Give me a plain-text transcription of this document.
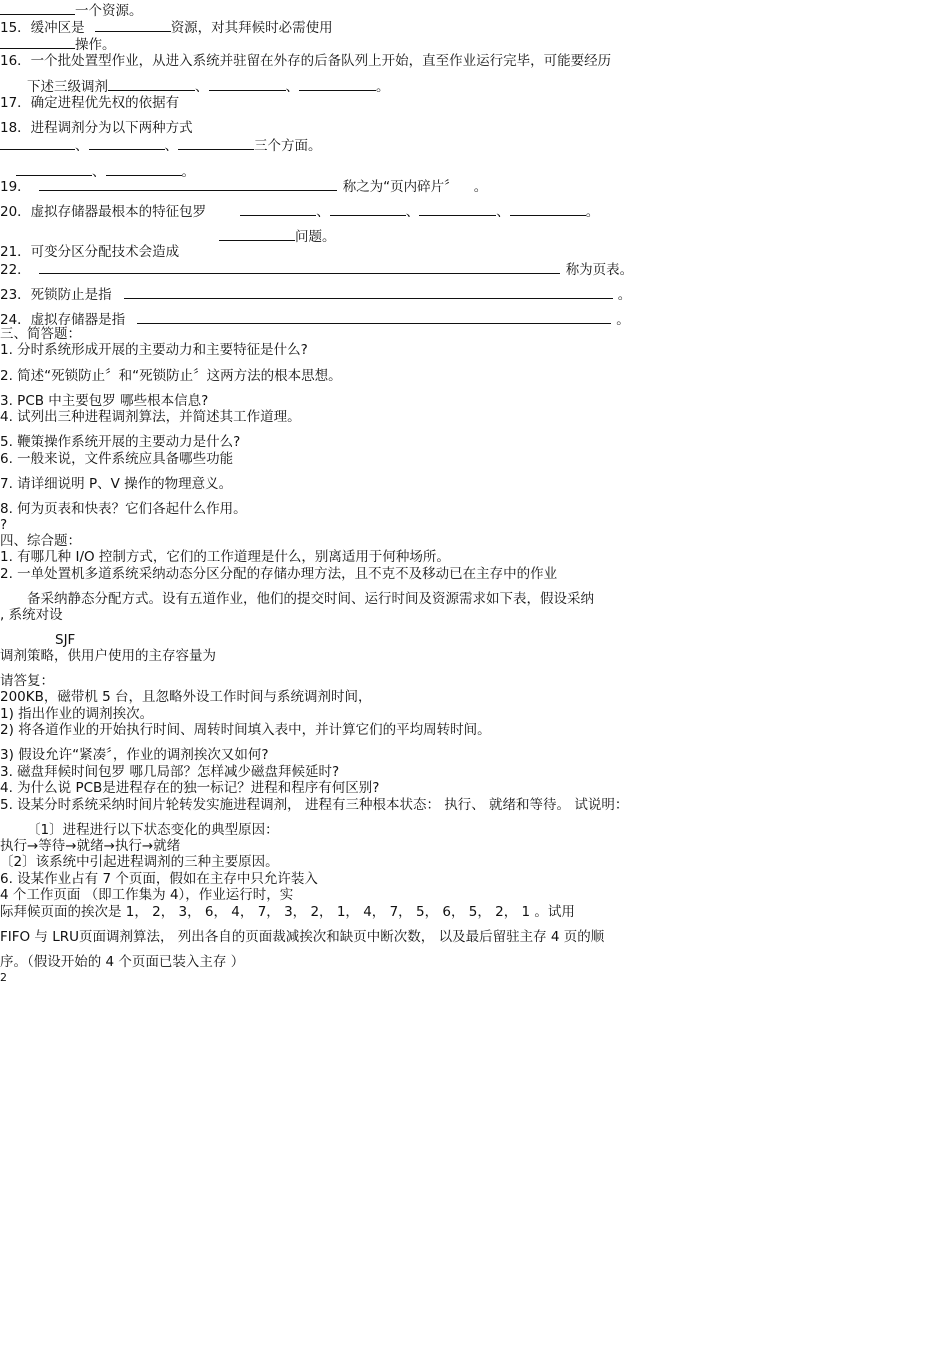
一个资源。
15．缓冲区是	资源，对其拜候时必需使用
操作。
16．一个批处置型作业，从进入系统并驻留在外存的后备队列上开始，直至作业运行完毕，可能要经历
下述三级调剂	、	、	。
17．确定进程优先权的依据有
18．进程调剂分为以下两种方式
、	、	三个方面。
、	。
19．	称之为“页内碎片〞 。
20．虚拟存储器最根本的特征包罗	、	、	、	。
问题。
21．可变分区分配技术会造成
22．	称为页表。
23．死锁防止是指	。
24．虚拟存储器是指	。
三、简答题：
1. 分时系统形成开展的主要动力和主要特征是什么?
2. 简述“死锁防止〞和“死锁防止〞这两方法的根本思想。
3. PCB 中主要包罗 哪些根本信息?
4. 试列出三种进程调剂算法，并简述其工作道理。
5. 鞭策操作系统开展的主要动力是什么?
6. 一般来说，文件系统应具备哪些功能
7. 请详细说明 P、V 操作的物理意义。
8. 何为页表和快表？它们各起什么作用。
?
四、综合题：
1. 有哪几种 I/O 控制方式，它们的工作道理是什么，别离适用于何种场所。
2. 一单处置机多道系统采纳动态分区分配的存储办理方法，且不克不及移动已在主存中的作业
备采纳静态分配方式。设有五道作业，他们的提交时间、运行时间及资源需求如下表，假设采纳
, 系统对设
SJF
调剂策略，供用户使用的主存容量为
请答复：
200KB，磁带机 5 台，且忽略外设工作时间与系统调剂时间，
1) 指出作业的调剂挨次。
2) 将各道作业的开始执行时间、周转时间填入表中，并计算它们的平均周转时间。
3) 假设允许“紧凑〞，作业的调剂挨次又如何?
3. 磁盘拜候时间包罗 哪几局部？怎样减少磁盘拜候延时?
4. 为什么说 PCB是进程存在的独一标记？进程和程序有何区别?
5. 设某分时系统采纳时间片轮转发实施进程调剂， 进程有三种根本状态： 执行、 就绪和等待。 试说明：
〔1〕进程进行以下状态变化的典型原因：
执行→等待→就绪→执行→就绪
〔2〕该系统中引起进程调剂的三种主要原因。
6. 设某作业占有 7 个页面，假如在主存中只允许装入
4 个工作页面 （即工作集为 4），作业运行时，实
际拜候页面的挨次是 1， 2， 3， 6， 4， 7， 3， 2， 1， 4， 7， 5， 6， 5， 2， 1 。试用
FIFO 与 LRU页面调剂算法， 列出各自的页面裁减挨次和缺页中断次数， 以及最后留驻主存 4 页的顺
序。（假设开始的 4 个页面已装入主存 ）
2
